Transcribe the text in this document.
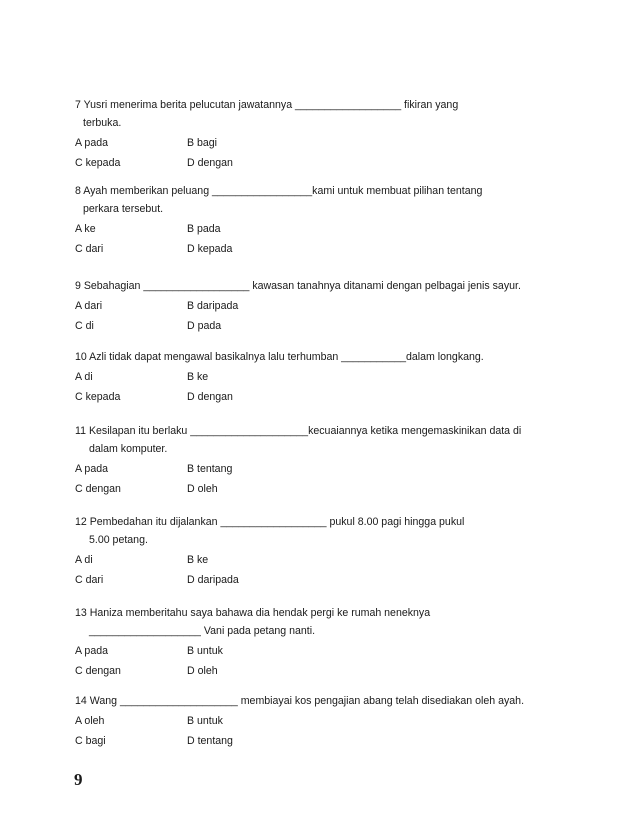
7 Yusri menerima berita pelucutan jawatannya __________________ fikiran yang
terbuka.
A pada	B bagi
C kepada	D dengan
8 Ayah memberikan peluang _________________kami untuk membuat pilihan tentang
perkara tersebut.
A ke	B pada
C dari	D kepada
9 Sebahagian __________________ kawasan tanahnya ditanami dengan pelbagai jenis sayur.
A dari	B daripada
C di	D pada
10 Azli tidak dapat mengawal basikalnya lalu terhumban ___________dalam longkang.
A di	B ke
C kepada	D dengan
11 Kesilapan itu berlaku ____________________kecuaiannya ketika mengemaskinikan data di
dalam komputer.
A pada	B tentang
C dengan	D oleh
12 Pembedahan itu dijalankan __________________ pukul 8.00 pagi hingga pukul
5.00 petang.
A di	B ke
C dari	D daripada
13 Haniza memberitahu saya bahawa dia hendak pergi ke rumah neneknya
___________________ Vani pada petang nanti.
A pada	B untuk
C dengan	D oleh
14 Wang ____________________ membiayai kos pengajian abang telah disediakan oleh ayah.
A oleh	B untuk
C bagi	D tentang
9
